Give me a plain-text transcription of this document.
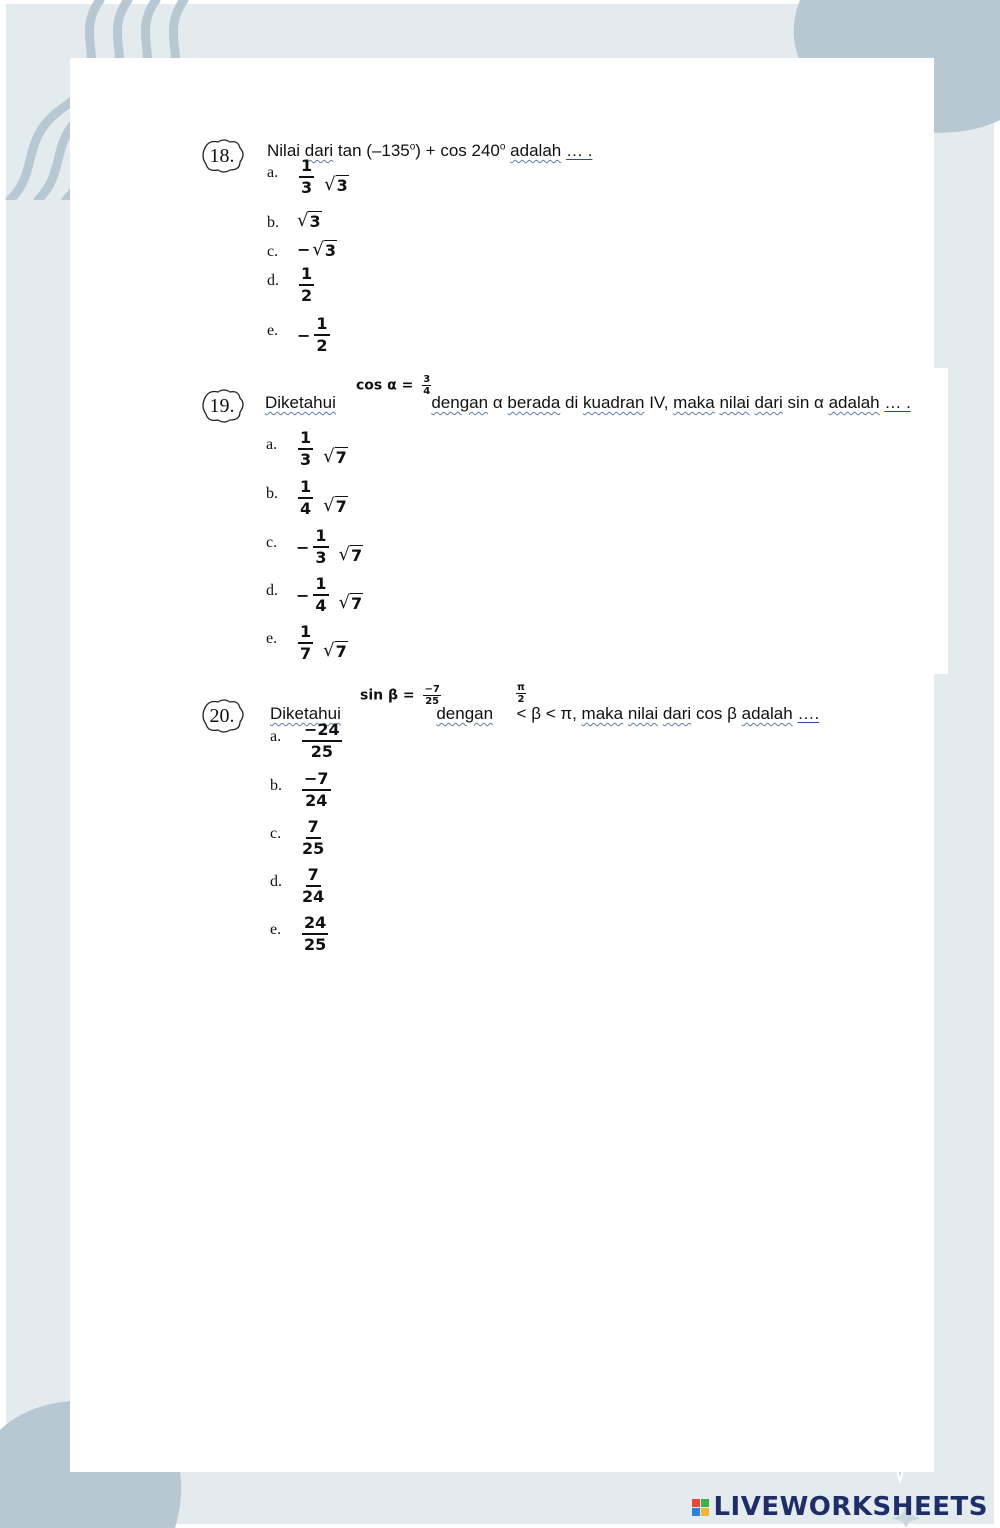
18. Nilai dari $\tan (-135^o) + \cos 240^o$ adalah … .
a. $\frac{1}{3}$ √ 3
b. √ 3
c. − √ 3
d. $\frac{1}{2}$
e. − $\frac{1}{2}$
19.
$\cos \alpha = \frac{3}{4}$
Diketahui	dengan α berada di kuadran IV, maka nilai dari sin α adalah … .
a. $\frac{1}{3}$ √ 7
b. $\frac{1}{4}$ √ 7
c. − $\frac{1}{3}$ √ 7
d. − $\frac{1}{4}$ √ 7
e. $\frac{1}{7}$ √ 7
20.
$\sin \beta = \frac{-7}{25}$	$\frac{\pi}{2}$
Diketahui	dengan < β < π, maka nilai dari cos β adalah ….
a. $\frac{-24}{25}$
b. $\frac{-7}{24}$
c. $\frac{7}{25}$
d. $\frac{7}{24}$
e. $\frac{24}{25}$
LIVEWORKSHEETS
